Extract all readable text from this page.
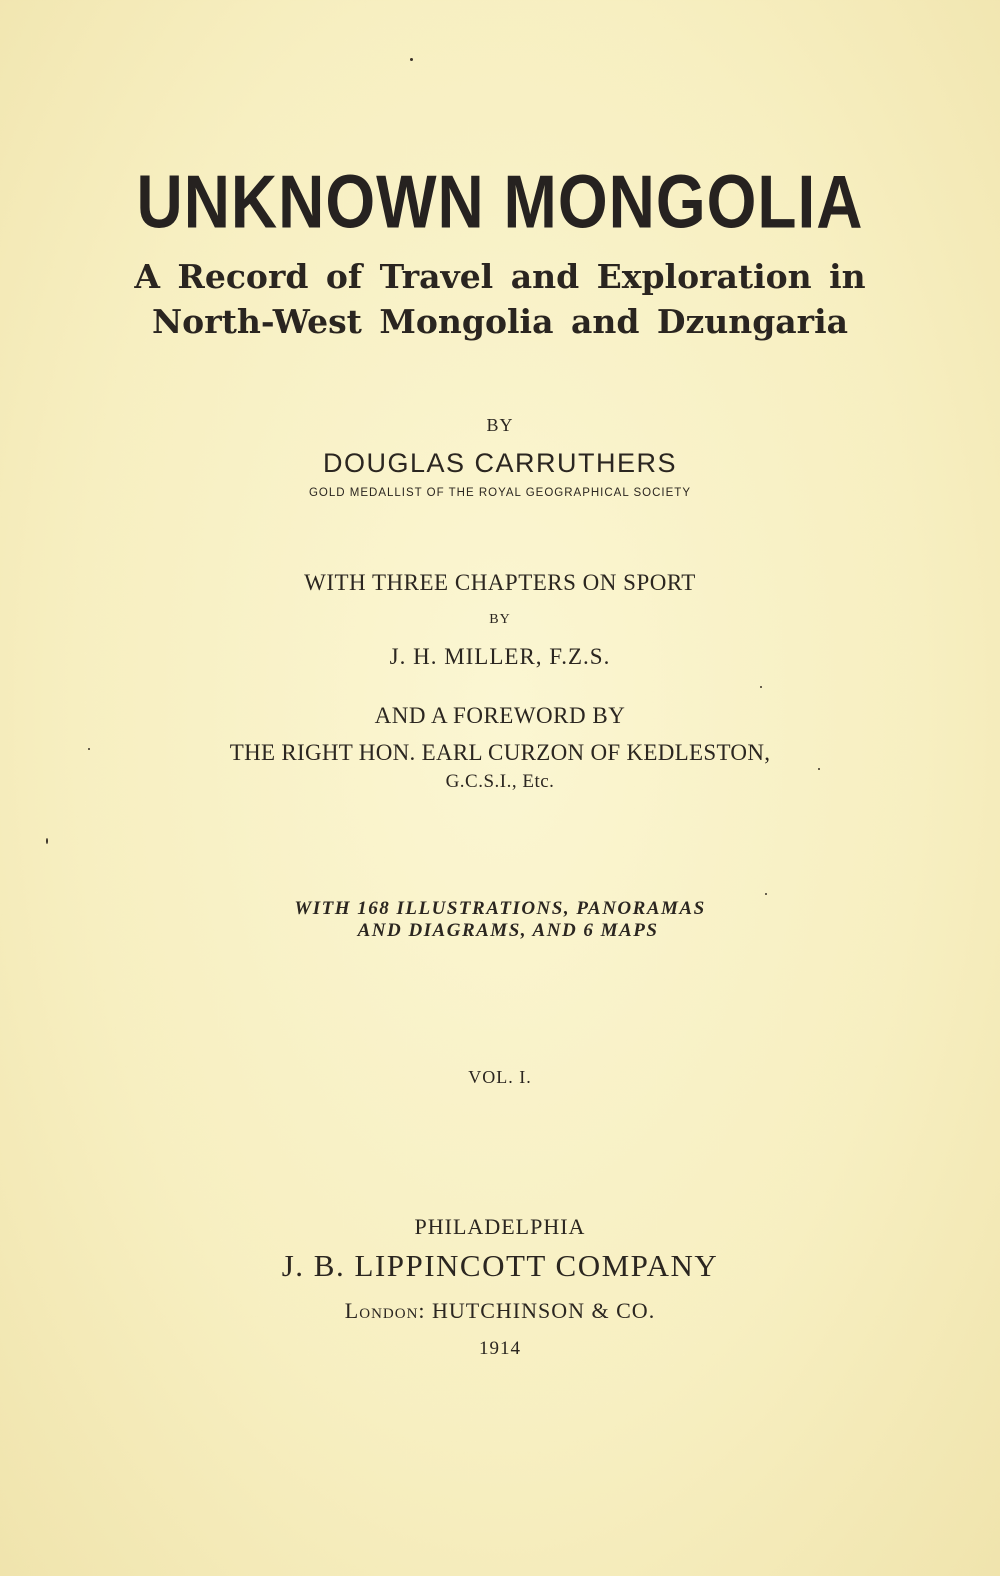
UNKNOWN MONGOLIA
A Record of Travel and Exploration in
North-West Mongolia and Dzungaria
BY
DOUGLAS CARRUTHERS
GOLD MEDALLIST OF THE ROYAL GEOGRAPHICAL SOCIETY
WITH THREE CHAPTERS ON SPORT
BY
J. H. MILLER, F.Z.S.
AND A FOREWORD BY
THE RIGHT HON. EARL CURZON OF KEDLESTON,
G.C.S.I., Etc.
WITH 168 ILLUSTRATIONS, PANORAMAS
AND DIAGRAMS, AND 6 MAPS
VOL. I.
PHILADELPHIA
J. B. LIPPINCOTT COMPANY
London: HUTCHINSON & CO.
1914
